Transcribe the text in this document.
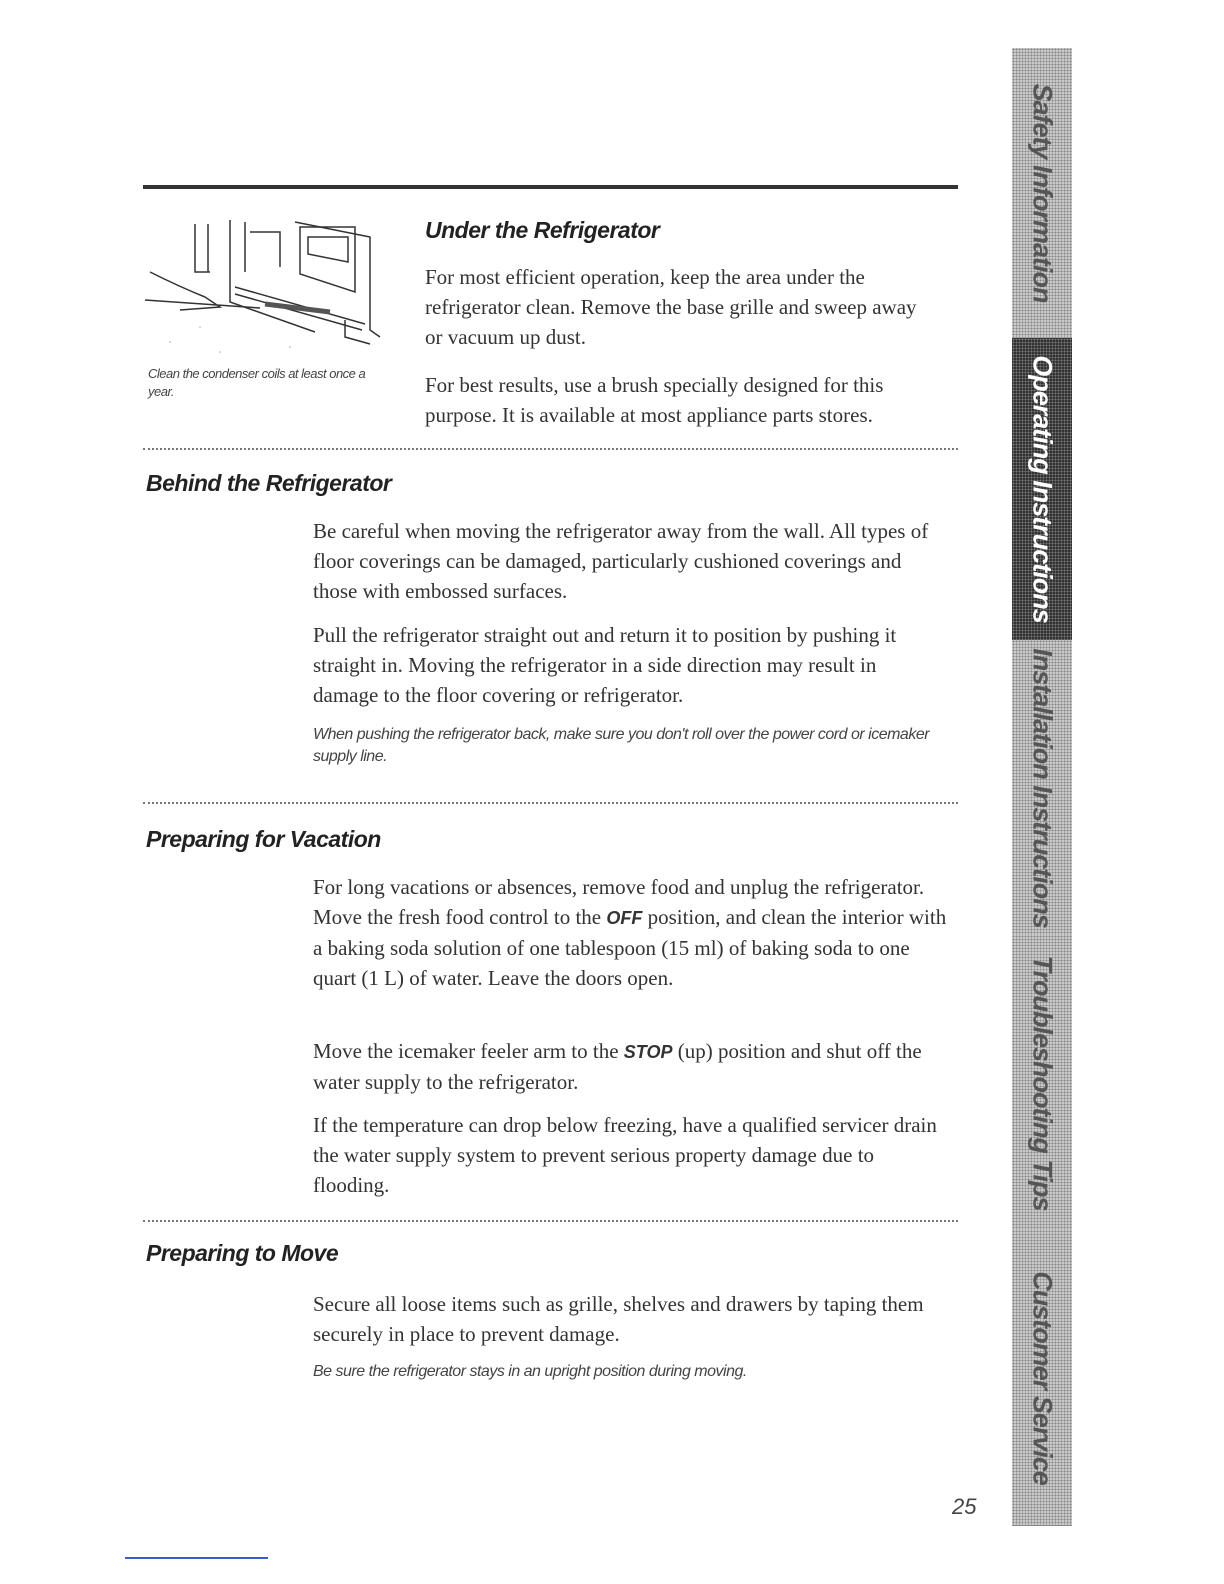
Clean the condenser coils at least once a year.
Under the Refrigerator

For most efficient operation, keep the area under the refrigerator clean. Remove the base grille and sweep away or vacuum up dust.

For best results, use a brush specially designed for this purpose. It is available at most appliance parts stores.

Behind the Refrigerator

Be careful when moving the refrigerator away from the wall. All types of floor coverings can be damaged, particularly cushioned coverings and those with embossed surfaces.

Pull the refrigerator straight out and return it to position by pushing it straight in. Moving the refrigerator in a side direction may result in damage to the floor covering or refrigerator.

When pushing the refrigerator back, make sure you don't roll over the power cord or icemaker supply line.
Preparing for Vacation

For long vacations or absences, remove food and unplug the refrigerator. Move the fresh food control to the OFF position, and clean the interior with a baking soda solution of one tablespoon (15 ml) of baking soda to one quart (1 L) of water. Leave the doors open.

Move the icemaker feeler arm to the STOP (up) position and shut off the water supply to the refrigerator.

If the temperature can drop below freezing, have a qualified servicer drain the water supply system to prevent serious property damage due to flooding.

Preparing to Move

Secure all loose items such as grille, shelves and drawers by taping them securely in place to prevent damage.

Be sure the refrigerator stays in an upright position during moving.
Safety Information
Operating Instructions
Installation Instructions
Troubleshooting Tips
Customer Service
25
